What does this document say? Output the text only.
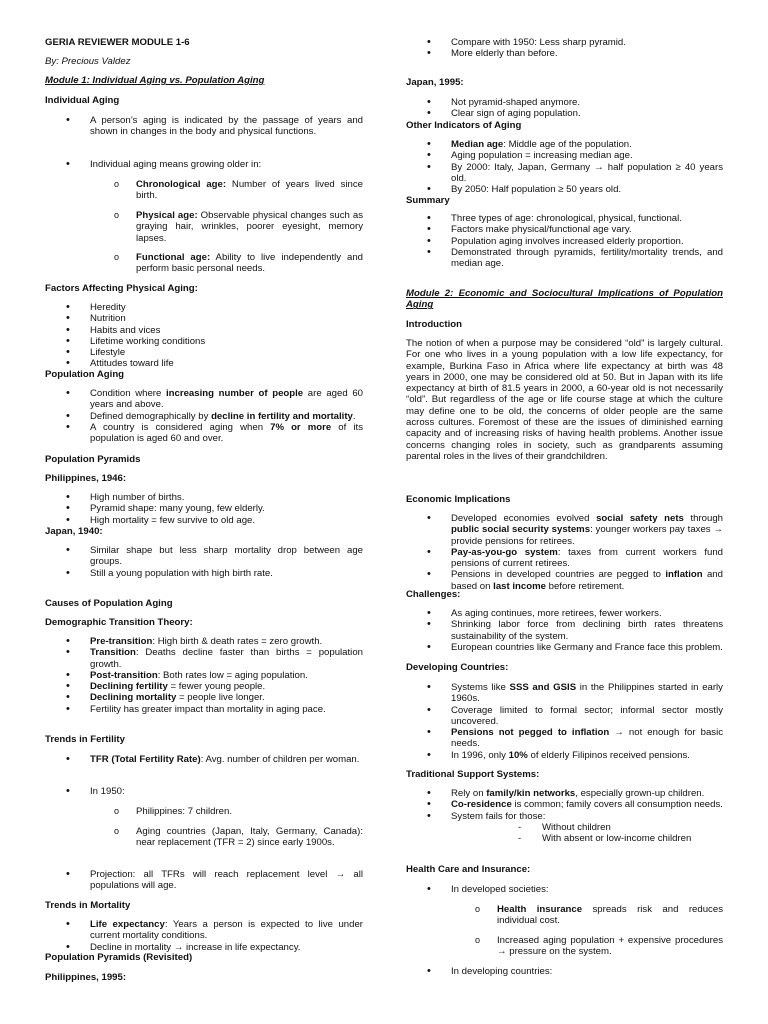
GERIA REVIEWER MODULE 1-6
By: Precious Valdez
Module 1: Individual Aging vs. Population Aging
Individual Aging
• A person’s aging is indicated by the passage of years and shown in changes in the body and physical functions.
• Individual aging means growing older in:
o Chronological age: Number of years lived since birth.
o Physical age: Observable physical changes such as graying hair, wrinkles, poorer eyesight, memory lapses.
o Functional age: Ability to live independently and perform basic personal needs.
Factors Affecting Physical Aging:
• Heredity
• Nutrition
• Habits and vices
• Lifetime working conditions
• Lifestyle
• Attitudes toward life
Population Aging
• Condition where increasing number of people are aged 60 years and above.
• Defined demographically by decline in fertility and mortality.
• A country is considered aging when 7% or more of its population is aged 60 and over.
Population Pyramids
Philippines, 1946:
• High number of births.
• Pyramid shape: many young, few elderly.
• High mortality = few survive to old age.
Japan, 1940:
• Similar shape but less sharp mortality drop between age groups.
• Still a young population with high birth rate.
Causes of Population Aging
Demographic Transition Theory:
• Pre-transition: High birth & death rates = zero growth.
• Transition: Deaths decline faster than births = population growth.
• Post-transition: Both rates low = aging population.
• Declining fertility = fewer young people.
• Declining mortality = people live longer.
• Fertility has greater impact than mortality in aging pace.
Trends in Fertility
• TFR (Total Fertility Rate): Avg. number of children per woman.
• In 1950:
o Philippines: 7 children.
o Aging countries (Japan, Italy, Germany, Canada): near replacement (TFR = 2) since early 1900s.
• Projection: all TFRs will reach replacement level → all populations will age.
Trends in Mortality
• Life expectancy: Years a person is expected to live under current mortality conditions.
• Decline in mortality → increase in life expectancy.
Population Pyramids (Revisited)
Philippines, 1995:
• Compare with 1950: Less sharp pyramid.
• More elderly than before.
Japan, 1995:
• Not pyramid-shaped anymore.
• Clear sign of aging population.
Other Indicators of Aging
• Median age: Middle age of the population.
• Aging population = increasing median age.
• By 2000: Italy, Japan, Germany → half population ≥ 40 years old.
• By 2050: Half population ≥ 50 years old.
Summary
• Three types of age: chronological, physical, functional.
• Factors make physical/functional age vary.
• Population aging involves increased elderly proportion.
• Demonstrated through pyramids, fertility/mortality trends, and median age.
Module 2: Economic and Sociocultural Implications of Population Aging
Introduction
The notion of when a purpose may be considered “old” is largely cultural. For one who lives in a young population with a low life expectancy, for example, Burkina Faso in Africa where life expectancy at birth was 48 years in 2000, one may be considered old at 50. But in Japan with its life expectancy at birth of 81.5 years in 2000, a 60-year old is not necessarily “old”. But regardless of the age or life course stage at which the culture may define one to be old, the concerns of older people are the same across cultures. Foremost of these are the issues of diminished earning capacity and of increasing risks of having health problems. Another issue concerns changing roles in society, such as grandparents assuming parental roles in the lives of their grandchildren.
Economic Implications
• Developed economies evolved social safety nets through public social security systems: younger workers pay taxes → provide pensions for retirees.
• Pay-as-you-go system: taxes from current workers fund pensions of current retirees.
• Pensions in developed countries are pegged to inflation and based on last income before retirement.
Challenges:
• As aging continues, more retirees, fewer workers.
• Shrinking labor force from declining birth rates threatens sustainability of the system.
• European countries like Germany and France face this problem.
Developing Countries:
• Systems like SSS and GSIS in the Philippines started in early 1960s.
• Coverage limited to formal sector; informal sector mostly uncovered.
• Pensions not pegged to inflation → not enough for basic needs.
• In 1996, only 10% of elderly Filipinos received pensions.
Traditional Support Systems:
• Rely on family/kin networks, especially grown-up children.
• Co-residence is common; family covers all consumption needs.
• System fails for those:
- Without children
- With absent or low-income children
Health Care and Insurance:
• In developed societies:
o Health insurance spreads risk and reduces individual cost.
o Increased aging population + expensive procedures → pressure on the system.
• In developing countries:
